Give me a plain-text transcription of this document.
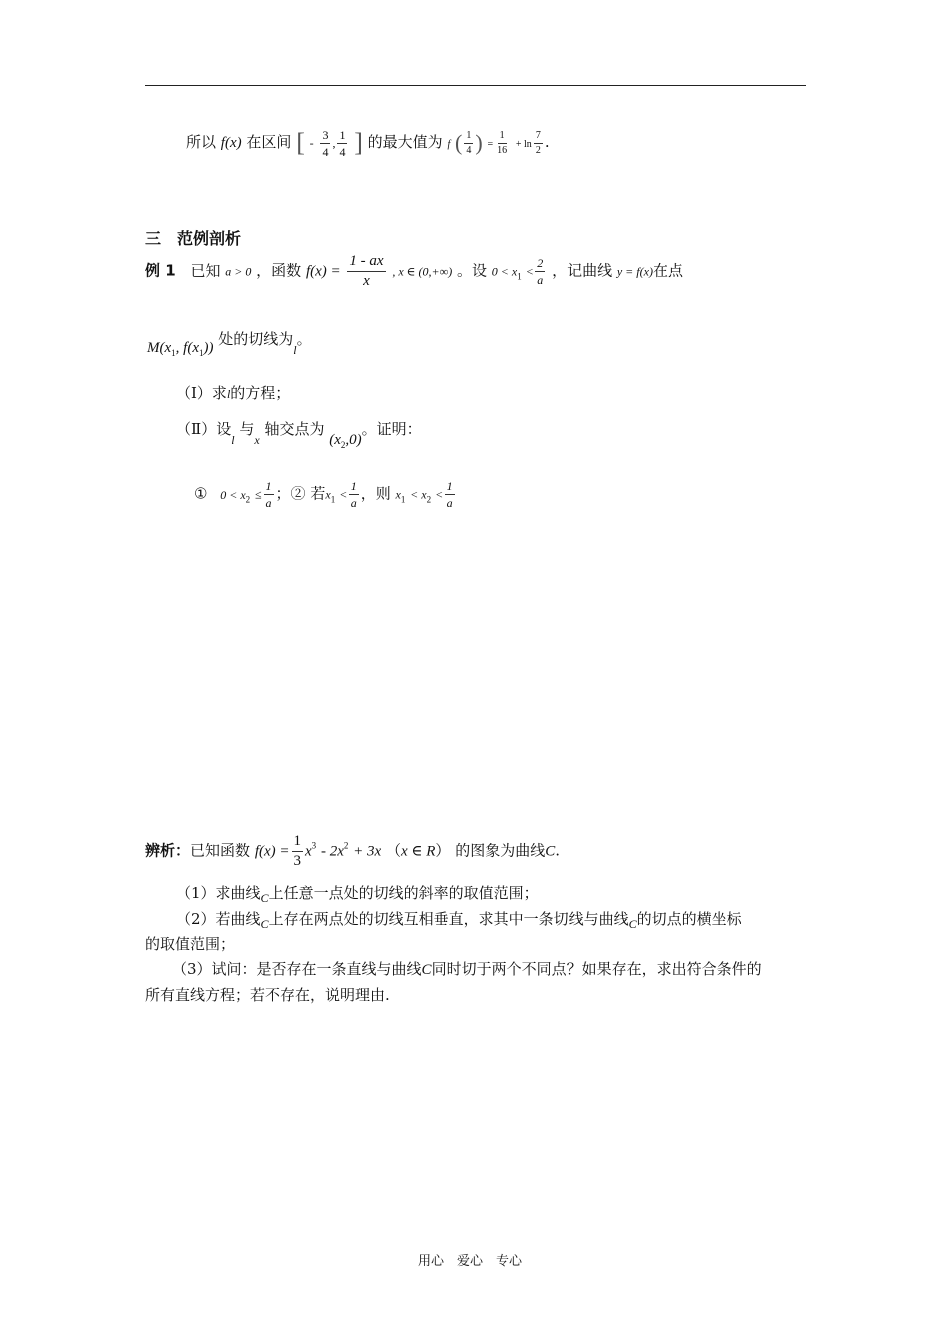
所以 f(x) 在区间 [ - $\frac{3}{4}$ , $\frac{1}{4}$ ] 的最大值为 f ( $\frac{1}{4}$ ) = $\frac{1}{16} + \ln \frac{7}{2}$ .
三　范例剖析
例 1 已知 a > 0 ，函数 $f(x) = \frac{1 - ax}{x}$ , x ∈ (0,+∞) 。设 $0 < x_1 < \frac{2}{a}$ ，记曲线 y = f(x)在点
$M(x_1$, $f(x_1)$) 处的切线为$_l$。
（Ⅰ）求l的方程；
（Ⅱ）设$_l$ 与$_x$ 轴交点为 $(x_2,0)$。证明：
① $0 < x_2 \le \frac{1}{a}$ ；② 若$x_1 < \frac{1}{a}$ ，则 $x_1 < x_2 < \frac{1}{a}$
辨析：已知函数 $f(x) = \frac{1}{3} x^3 - 2x^2 + 3x$ （x ∈ R） 的图象为曲线C.
（1）求曲线$_C$上任意一点处的切线的斜率的取值范围；
（2）若曲线$_C$上存在两点处的切线互相垂直，求其中一条切线与曲线$_C$的切点的横坐标
的取值范围；
（3）试问：是否存在一条直线与曲线C同时切于两个不同点？如果存在，求出符合条件的
所有直线方程；若不存在，说明理由.
用心　爱心　专心
